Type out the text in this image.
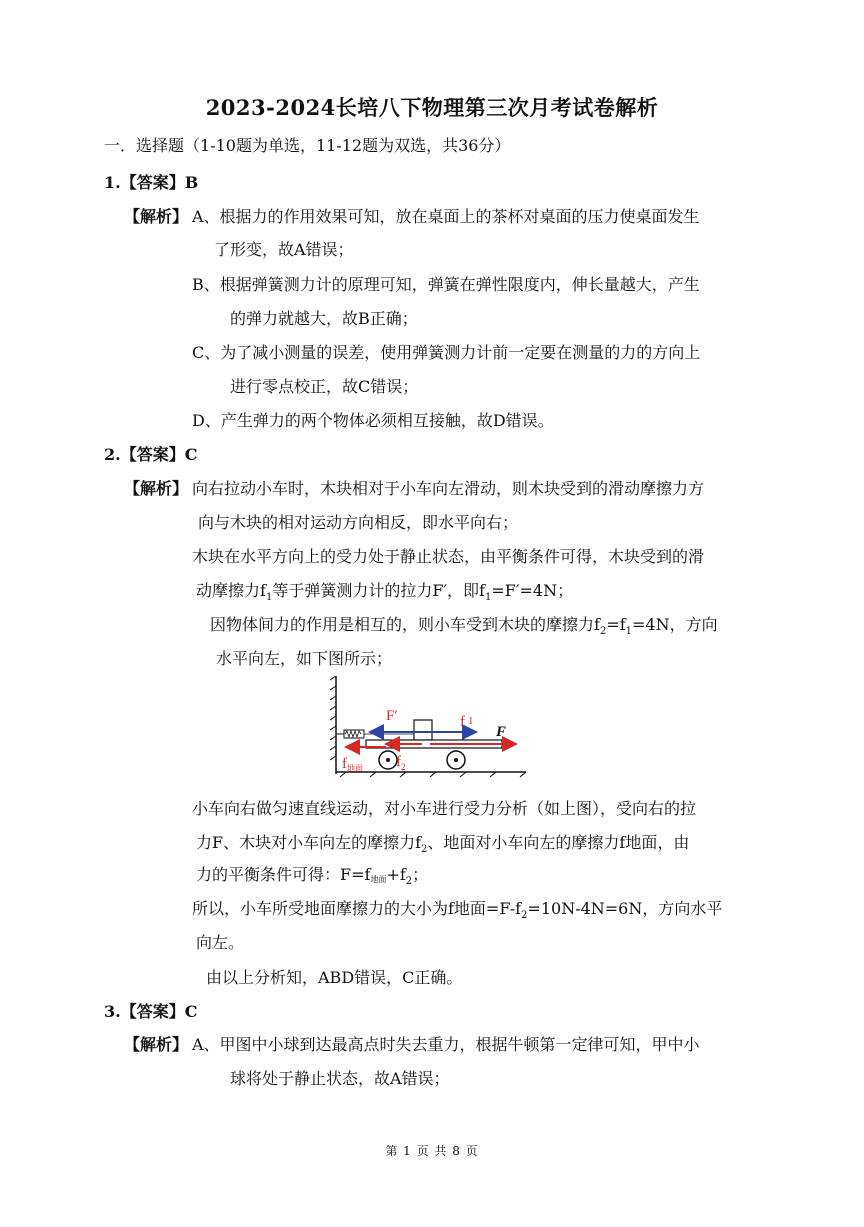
2023-2024长培八下物理第三次月考试卷解析
一．选择题（1-10题为单选，11-12题为双选，共36分）
1.【答案】B
【解析】 A、根据力的作用效果可知，放在桌面上的茶杯对桌面的压力使桌面发生
了形变，故A错误；
B、根据弹簧测力计的原理可知，弹簧在弹性限度内，伸长量越大，产生
的弹力就越大，故B正确；
C、为了减小测量的误差，使用弹簧测力计前一定要在测量的力的方向上
进行零点校正，故C错误；
D、产生弹力的两个物体必须相互接触，故D错误。
2.【答案】C
【解析】 向右拉动小车时，木块相对于小车向左滑动，则木块受到的滑动摩擦力方
向与木块的相对运动方向相反，即水平向右；
木块在水平方向上的受力处于静止状态，由平衡条件可得，木块受到的滑
动摩擦力$f_1$等于弹簧测力计的拉力F′，即$f_1=F'=4N$；
因物体间力的作用是相互的，则小车受到木块的摩擦力$f_2=f_1=4N$，方向
水平向左，如下图所示；
F′	f 1
F
$f_2$
$f_{地面}$
小车向右做匀速直线运动，对小车进行受力分析（如上图），受向右的拉
力F、木块对小车向左的摩擦力$f_2$、地面对小车向左的摩擦力f地面，由
力的平衡条件可得：F=f地面$+f_2$；
所以，小车所受地面摩擦力的大小为f地面$=F-f_2=10N-4N=6N$，方向水平
向左。
由以上分析知，ABD错误，C正确。
3.【答案】C
【解析】 A、甲图中小球到达最高点时失去重力，根据牛顿第一定律可知，甲中小
球将处于静止状态，故A错误；
第 1 页 共 8 页
